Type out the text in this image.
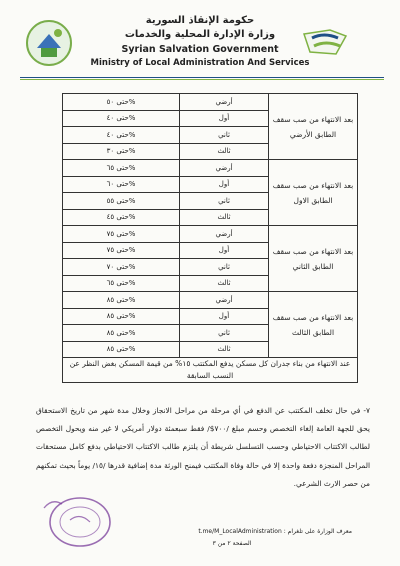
حكومة الإنقاذ السورية
وزارة الإدارة المحلية والخدمات
Syrian Salvation Government
Ministry of Local Administration And Services
حتى ٥٠%	أرضي	بعد الانتهاء من صب سقف الطابق الأرضي
حتى ٤٠%	أول	
حتى ٤٠%	ثاني	
حتى ٣٠%	ثالث	
حتى ٦٥%	أرضي	بعد الانتهاء من صب سقف الطابق الاول
حتى ٦٠%	أول	
حتى ٥٥%	ثاني	
حتى ٤٥%	ثالث	
حتى ٧٥%	أرضي	بعد الانتهاء من صب سقف الطابق الثاني
حتى ٧٥%	أول	
حتى ٧٠%	ثاني	
حتى ٦٥%	ثالث	
حتى ٨٥%	أرضي	بعد الانتهاء من صب سقف الطابق الثالث
حتى ٨٥%	أول	
حتى ٨٥%	ثاني	
حتى ٨٥%	ثالث	
عند الانتهاء من بناء جدران كل مسكن يدفع المكتتب ١٥% من قيمة المسكن بغض النظر عن النسب السابقة		
٧- في حال تخلف المكتتب عن الدفع في أي مرحلة من مراحل الانجاز وخلال مدة شهر من تاريخ الاستحقاق يحق للجهة العامة إلغاء التخصص وحسم مبلغ /٧٠٠$/ فقط سبعمئة دولار أمريكي لا غير منه ويحول التخصص لطالب الاكتتاب الاحتياطي وحسب التسلسل شريطة أن يلتزم طالب الاكتتاب الاحتياطي بدفع كامل مستحقات المراحل المنجزة دفعة واحدة إلا في حالة وفاة المكتتب فيمنح الورثة مدة إضافية قدرها /١٥/ يوماً بحيث تمكنهم من حصر الارث الشرعي.
معرف الوزارة على تلغرام : t.me/M_LocalAdministration
الصفحة ٢ من ٣
